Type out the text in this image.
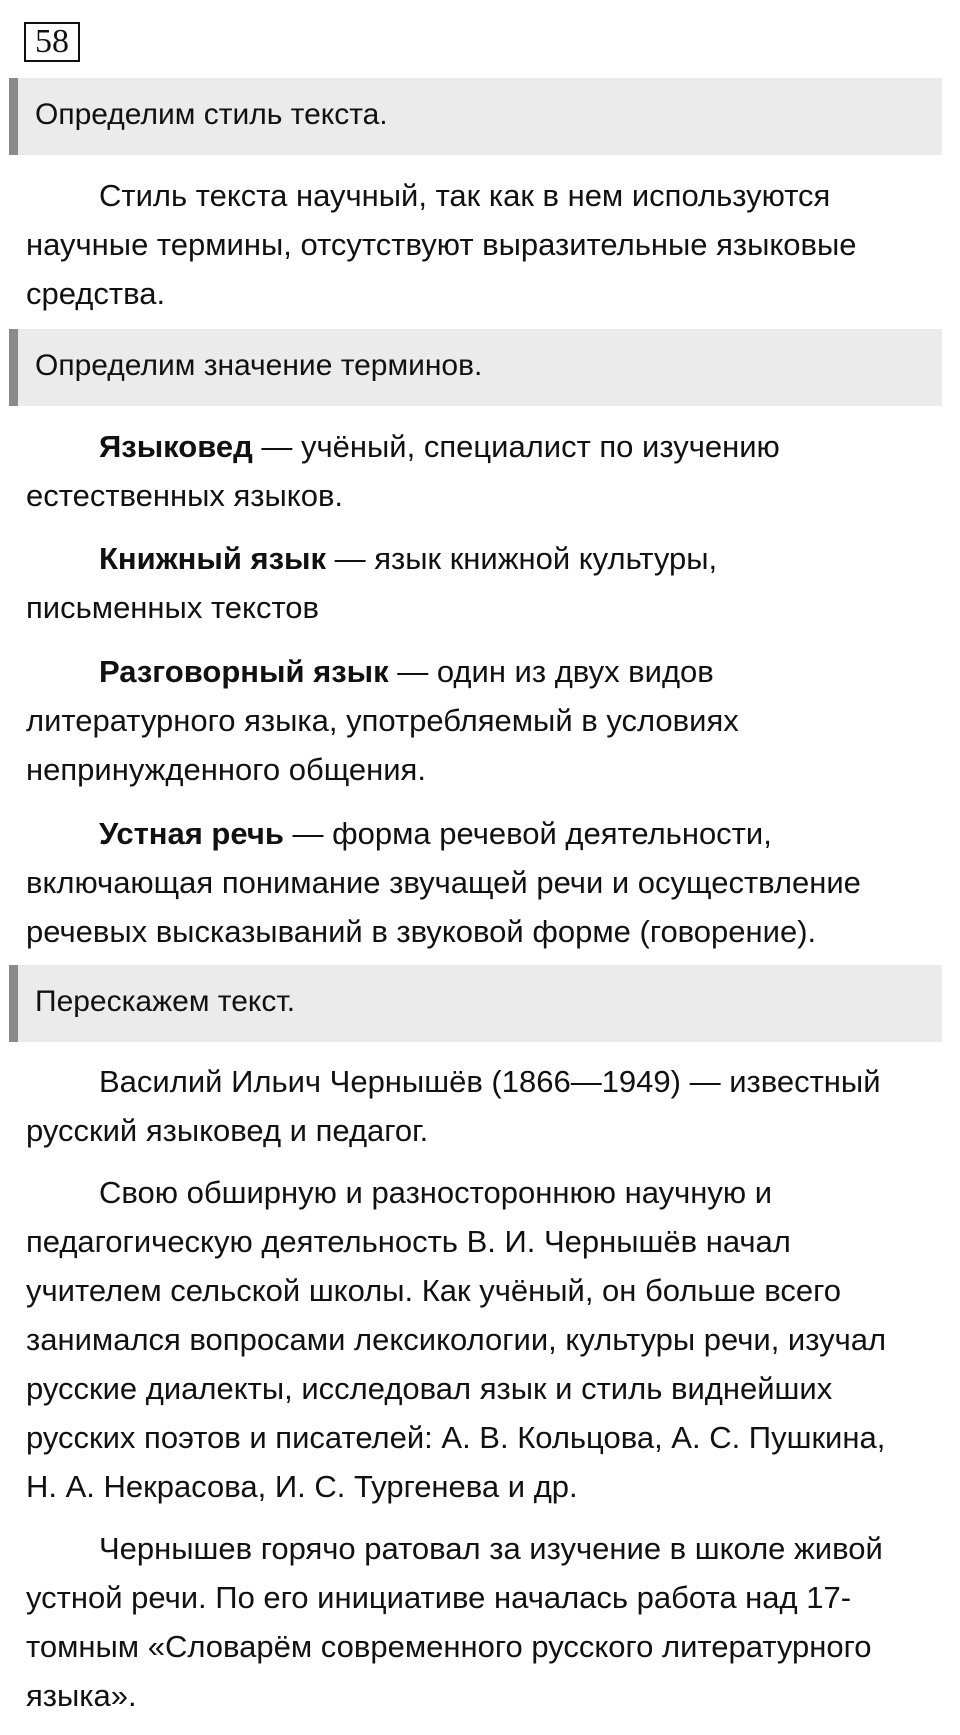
58
Определим стиль текста.

Стиль текста научный, так как в нем используются
научные термины, отсутствуют выразительные языковые
средства.

Определим значение терминов.

Языковед — учёный, специалист по изучению
естественных языков.

Книжный язык — язык книжной культуры,
письменных текстов

Разговорный язык — один из двух видов
литературного языка, употребляемый в условиях
непринужденного общения.

Устная речь — форма речевой деятельности,
включающая понимание звучащей речи и осуществление
речевых высказываний в звуковой форме (говорение).

Перескажем текст.

Василий Ильич Чернышёв (1866—1949) — известный
русский языковед и педагог.

Свою обширную и разностороннюю научную и
педагогическую деятельность В. И. Чернышёв начал
учителем сельской школы. Как учёный, он больше всего
занимался вопросами лексикологии, культуры речи, изучал
русские диалекты, исследовал язык и стиль виднейших
русских поэтов и писателей: А. В. Кольцова, А. С. Пушкина,
Н. А. Некрасова, И. С. Тургенева и др.

Чернышев горячо ратовал за изучение в школе живой
устной речи. По его инициативе началась работа над 17-
томным «Словарём современного русского литературного
языка».
